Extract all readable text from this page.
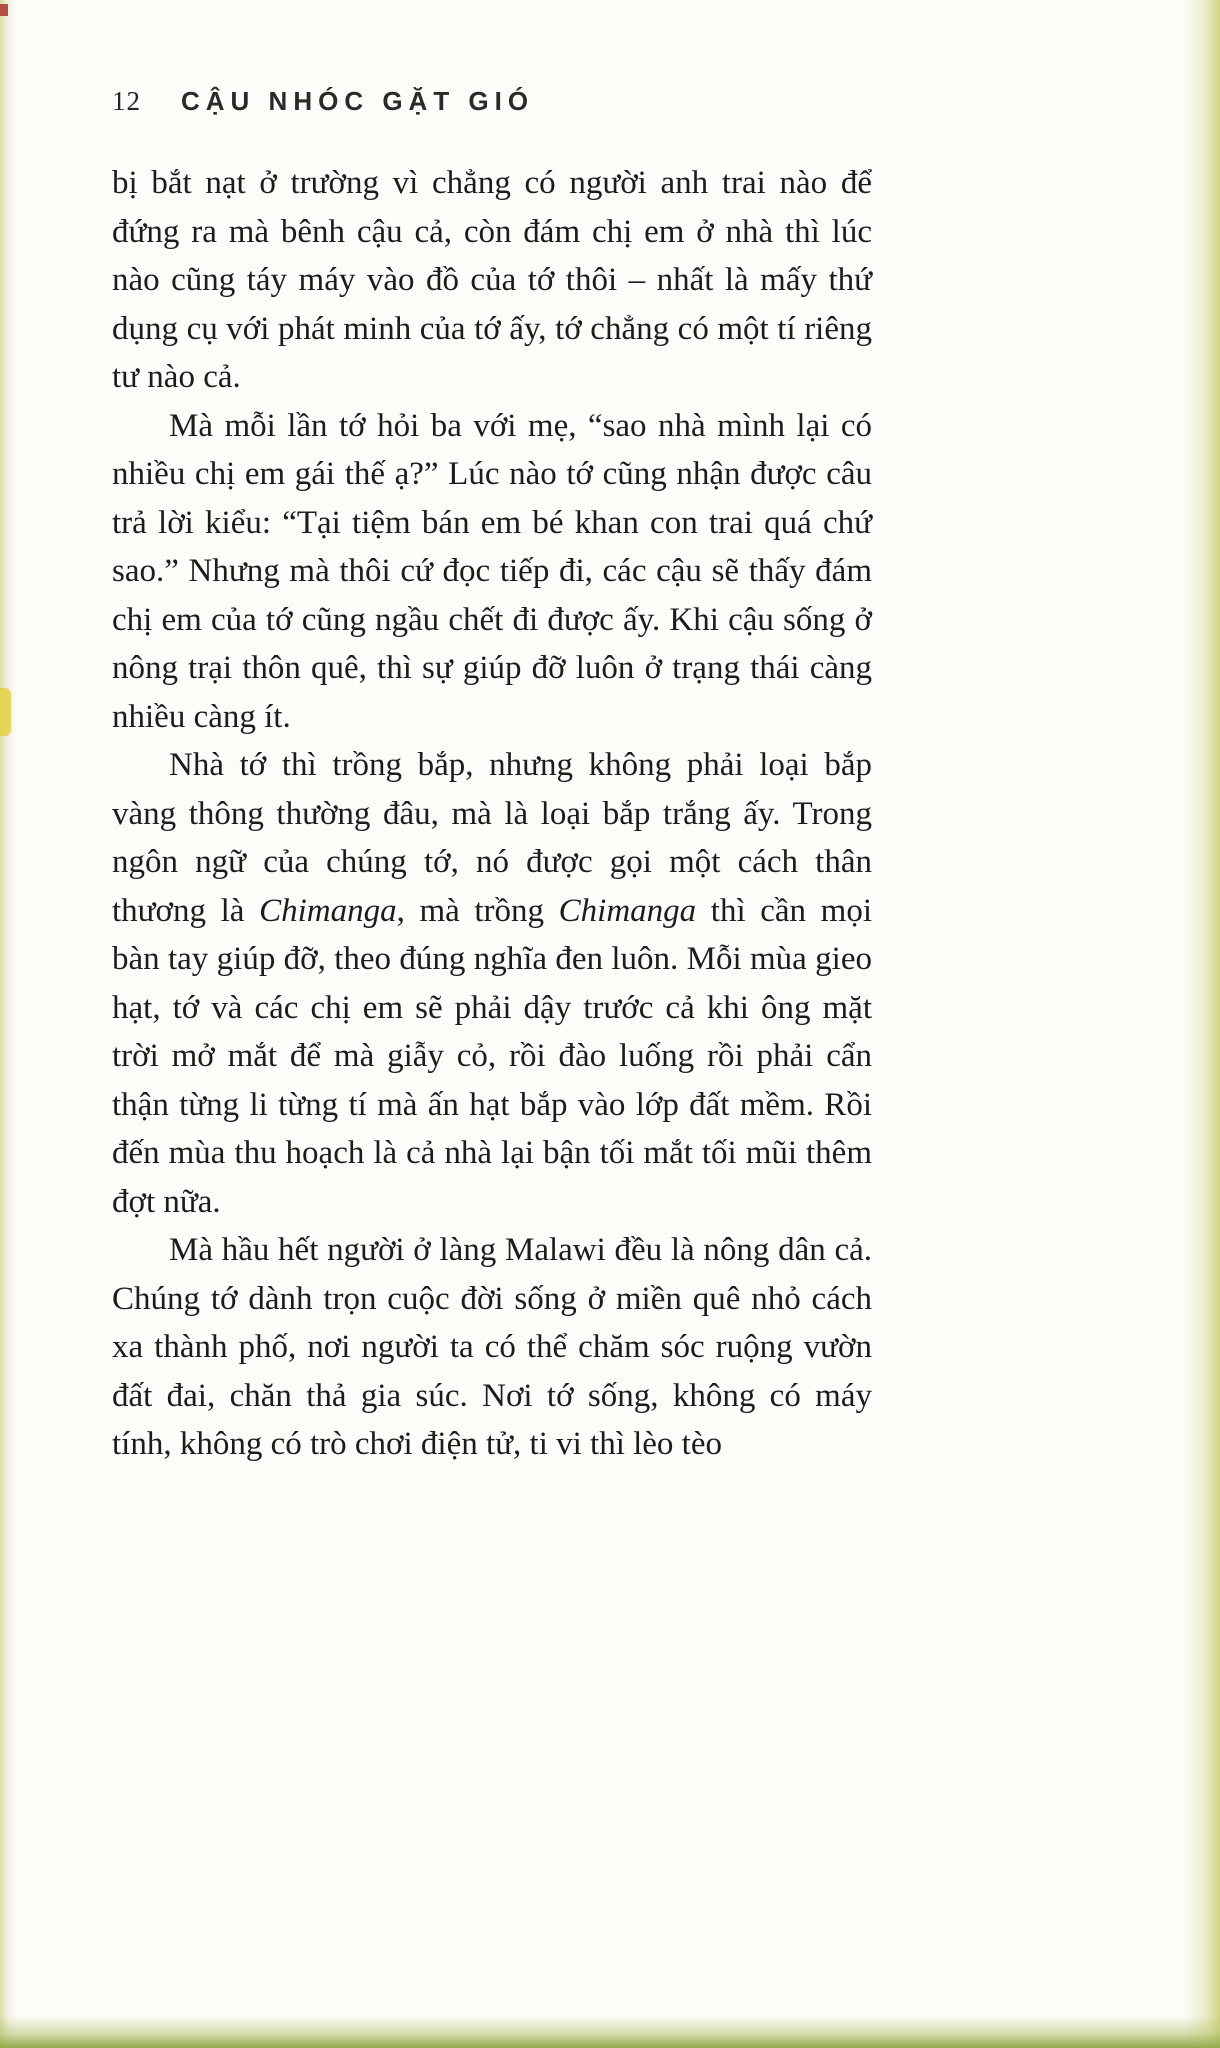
12 CẬU NHÓC GẶT GIÓ

bị bắt nạt ở trường vì chẳng có người anh trai nào để đứng ra mà bênh cậu cả, còn đám chị em ở nhà thì lúc nào cũng táy máy vào đồ của tớ thôi – nhất là mấy thứ dụng cụ với phát minh của tớ ấy, tớ chẳng có một tí riêng tư nào cả.

Mà mỗi lần tớ hỏi ba với mẹ, “sao nhà mình lại có nhiều chị em gái thế ạ?” Lúc nào tớ cũng nhận được câu trả lời kiểu: “Tại tiệm bán em bé khan con trai quá chứ sao.” Nhưng mà thôi cứ đọc tiếp đi, các cậu sẽ thấy đám chị em của tớ cũng ngầu chết đi được ấy. Khi cậu sống ở nông trại thôn quê, thì sự giúp đỡ luôn ở trạng thái càng nhiều càng ít.

Nhà tớ thì trồng bắp, nhưng không phải loại bắp vàng thông thường đâu, mà là loại bắp trắng ấy. Trong ngôn ngữ của chúng tớ, nó được gọi một cách thân thương là Chimanga, mà trồng Chimanga thì cần mọi bàn tay giúp đỡ, theo đúng nghĩa đen luôn. Mỗi mùa gieo hạt, tớ và các chị em sẽ phải dậy trước cả khi ông mặt trời mở mắt để mà giẫy cỏ, rồi đào luống rồi phải cẩn thận từng li từng tí mà ấn hạt bắp vào lớp đất mềm. Rồi đến mùa thu hoạch là cả nhà lại bận tối mắt tối mũi thêm đợt nữa.

Mà hầu hết người ở làng Malawi đều là nông dân cả. Chúng tớ dành trọn cuộc đời sống ở miền quê nhỏ cách xa thành phố, nơi người ta có thể chăm sóc ruộng vườn đất đai, chăn thả gia súc. Nơi tớ sống, không có máy tính, không có trò chơi điện tử, ti vi thì lèo tèo
